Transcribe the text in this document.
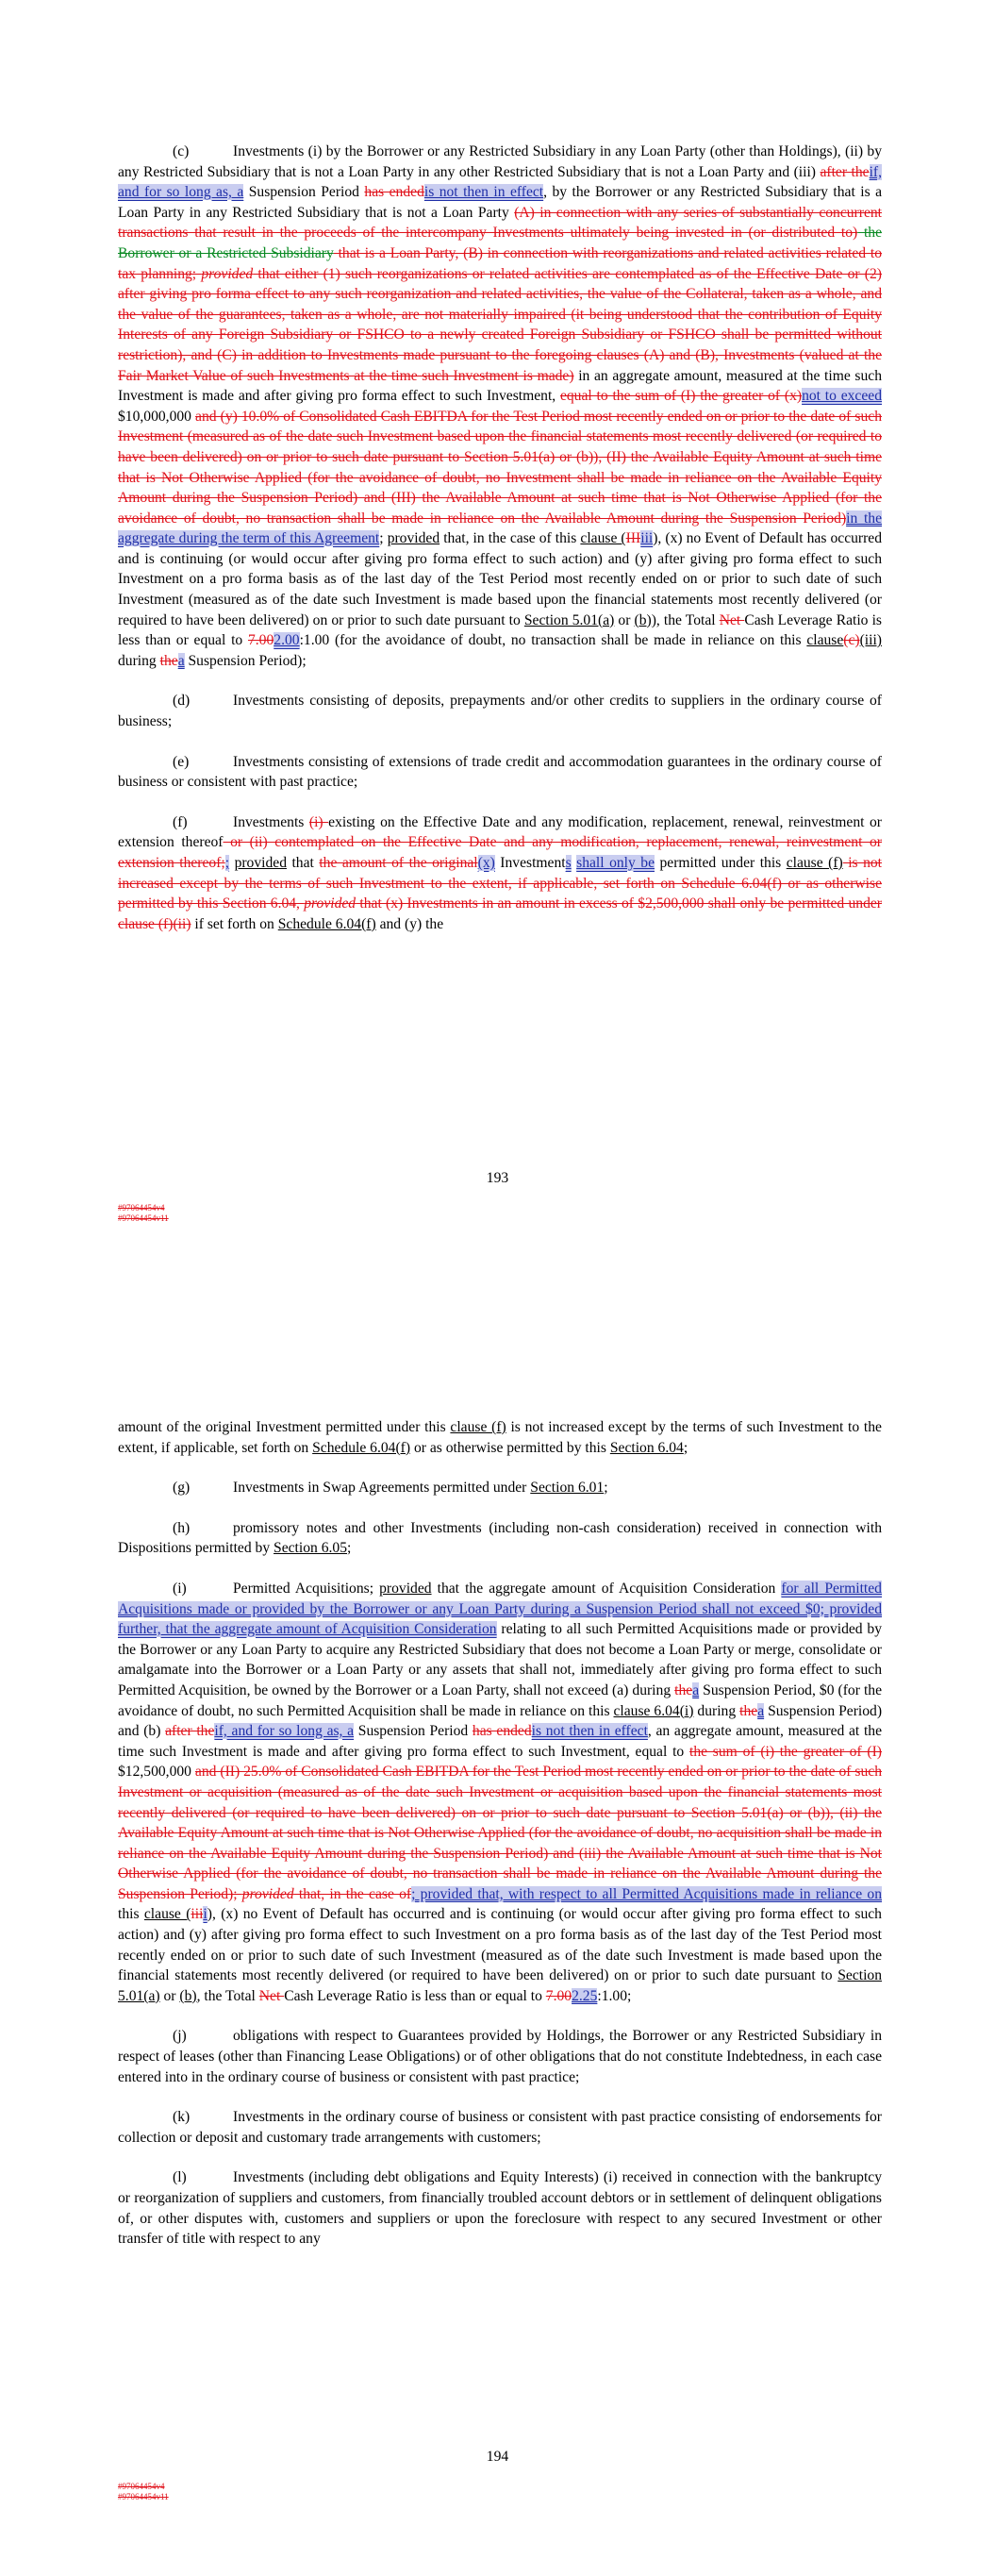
(c)	Investments (i) by the Borrower or any Restricted Subsidiary in any Loan Party (other than Holdings), (ii) by any Restricted Subsidiary that is not a Loan Party in any other Restricted Subsidiary that is not a Loan Party and (iii) after theif, and for so long as, a Suspension Period has endedis not then in effect, by the Borrower or any Restricted Subsidiary that is a Loan Party in any Restricted Subsidiary that is not a Loan Party (A) in connection with any series of substantially concurrent transactions that result in the proceeds of the intercompany Investments ultimately being invested in (or distributed to) the Borrower or a Restricted Subsidiary that is a Loan Party, (B) in connection with reorganizations and related activities related to tax planning; provided that either (1) such reorganizations or related activities are contemplated as of the Effective Date or (2) after giving pro forma effect to any such reorganization and related activities, the value of the Collateral, taken as a whole, and the value of the guarantees, taken as a whole, are not materially impaired (it being understood that the contribution of Equity Interests of any Foreign Subsidiary or FSHCO to a newly created Foreign Subsidiary or FSHCO shall be permitted without restriction), and (C) in addition to Investments made pursuant to the foregoing clauses (A) and (B), Investments (valued at the Fair Market Value of such Investments at the time such Investment is made) in an aggregate amount, measured at the time such Investment is made and after giving pro forma effect to such Investment, equal to the sum of (I) the greater of (x)not to exceed $10,000,000 and (y) 10.0% of Consolidated Cash EBITDA for the Test Period most recently ended on or prior to the date of such Investment (measured as of the date such Investment based upon the financial statements most recently delivered (or required to have been delivered) on or prior to such date pursuant to Section 5.01(a) or (b)), (II) the Available Equity Amount at such time that is Not Otherwise Applied (for the avoidance of doubt, no Investment shall be made in reliance on the Available Equity Amount during the Suspension Period) and (III) the Available Amount at such time that is Not Otherwise Applied (for the avoidance of doubt, no transaction shall be made in reliance on the Available Amount during the Suspension Period)in the aggregate during the term of this Agreement; provided that, in the case of this clause (IIIiii), (x) no Event of Default has occurred and is continuing (or would occur after giving pro forma effect to such action) and (y) after giving pro forma effect to such Investment on a pro forma basis as of the last day of the Test Period most recently ended on or prior to such date of such Investment (measured as of the date such Investment is made based upon the financial statements most recently delivered (or required to have been delivered) on or prior to such date pursuant to Section 5.01(a) or (b)), the Total Net Cash Leverage Ratio is less than or equal to 7.002.00:1.00 (for the avoidance of doubt, no transaction shall be made in reliance on this clause(c)(iii) during thea Suspension Period);

(d)	Investments consisting of deposits, prepayments and/or other credits to suppliers in the ordinary course of business;

(e)	Investments consisting of extensions of trade credit and accommodation guarantees in the ordinary course of business or consistent with past practice;

(f)	Investments (i) existing on the Effective Date and any modification, replacement, renewal, reinvestment or extension thereof or (ii) contemplated on the Effective Date and any modification, replacement, renewal, reinvestment or extension thereof;; provided that the amount of the original(x) Investments shall only be permitted under this clause (f) is not increased except by the terms of such Investment to the extent, if applicable, set forth on Schedule 6.04(f) or as otherwise permitted by this Section 6.04, provided that (x) Investments in an amount in excess of $2,500,000 shall only be permitted under clause (f)(ii) if set forth on Schedule 6.04(f) and (y) the

193
#97064454v4
#97064454v11

amount of the original Investment permitted under this clause (f) is not increased except by the terms of such Investment to the extent, if applicable, set forth on Schedule 6.04(f) or as otherwise permitted by this Section 6.04;

(g)	Investments in Swap Agreements permitted under Section 6.01;

(h)	promissory notes and other Investments (including non-cash consideration) received in connection with Dispositions permitted by Section 6.05;

(i)	Permitted Acquisitions; provided that the aggregate amount of Acquisition Consideration for all Permitted Acquisitions made or provided by the Borrower or any Loan Party during a Suspension Period shall not exceed $0; provided further, that the aggregate amount of Acquisition Consideration relating to all such Permitted Acquisitions made or provided by the Borrower or any Loan Party to acquire any Restricted Subsidiary that does not become a Loan Party or merge, consolidate or amalgamate into the Borrower or a Loan Party or any assets that shall not, immediately after giving pro forma effect to such Permitted Acquisition, be owned by the Borrower or a Loan Party, shall not exceed (a) during thea Suspension Period, $0 (for the avoidance of doubt, no such Permitted Acquisition shall be made in reliance on this clause 6.04(i) during thea Suspension Period) and (b) after theif, and for so long as, a Suspension Period has endedis not then in effect, an aggregate amount, measured at the time such Investment is made and after giving pro forma effect to such Investment, equal to the sum of (i) the greater of (I) $12,500,000 and (II) 25.0% of Consolidated Cash EBITDA for the Test Period most recently ended on or prior to the date of such Investment or acquisition (measured as of the date such Investment or acquisition based upon the financial statements most recently delivered (or required to have been delivered) on or prior to such date pursuant to Section 5.01(a) or (b)), (ii) the Available Equity Amount at such time that is Not Otherwise Applied (for the avoidance of doubt, no acquisition shall be made in reliance on the Available Equity Amount during the Suspension Period) and (iii) the Available Amount at such time that is Not Otherwise Applied (for the avoidance of doubt, no transaction shall be made in reliance on the Available Amount during the Suspension Period); provided that, in the case of; provided that, with respect to all Permitted Acquisitions made in reliance on this clause (iiii), (x) no Event of Default has occurred and is continuing (or would occur after giving pro forma effect to such action) and (y) after giving pro forma effect to such Investment on a pro forma basis as of the last day of the Test Period most recently ended on or prior to such date of such Investment (measured as of the date such Investment is made based upon the financial statements most recently delivered (or required to have been delivered) on or prior to such date pursuant to Section 5.01(a) or (b), the Total Net Cash Leverage Ratio is less than or equal to 7.002.25:1.00;

(j)	obligations with respect to Guarantees provided by Holdings, the Borrower or any Restricted Subsidiary in respect of leases (other than Financing Lease Obligations) or of other obligations that do not constitute Indebtedness, in each case entered into in the ordinary course of business or consistent with past practice;

(k)	Investments in the ordinary course of business or consistent with past practice consisting of endorsements for collection or deposit and customary trade arrangements with customers;

(l)	Investments (including debt obligations and Equity Interests) (i) received in connection with the bankruptcy or reorganization of suppliers and customers, from financially troubled account debtors or in settlement of delinquent obligations of, or other disputes with, customers and suppliers or upon the foreclosure with respect to any secured Investment or other transfer of title with respect to any

194
#97064454v4
#97064454v11
